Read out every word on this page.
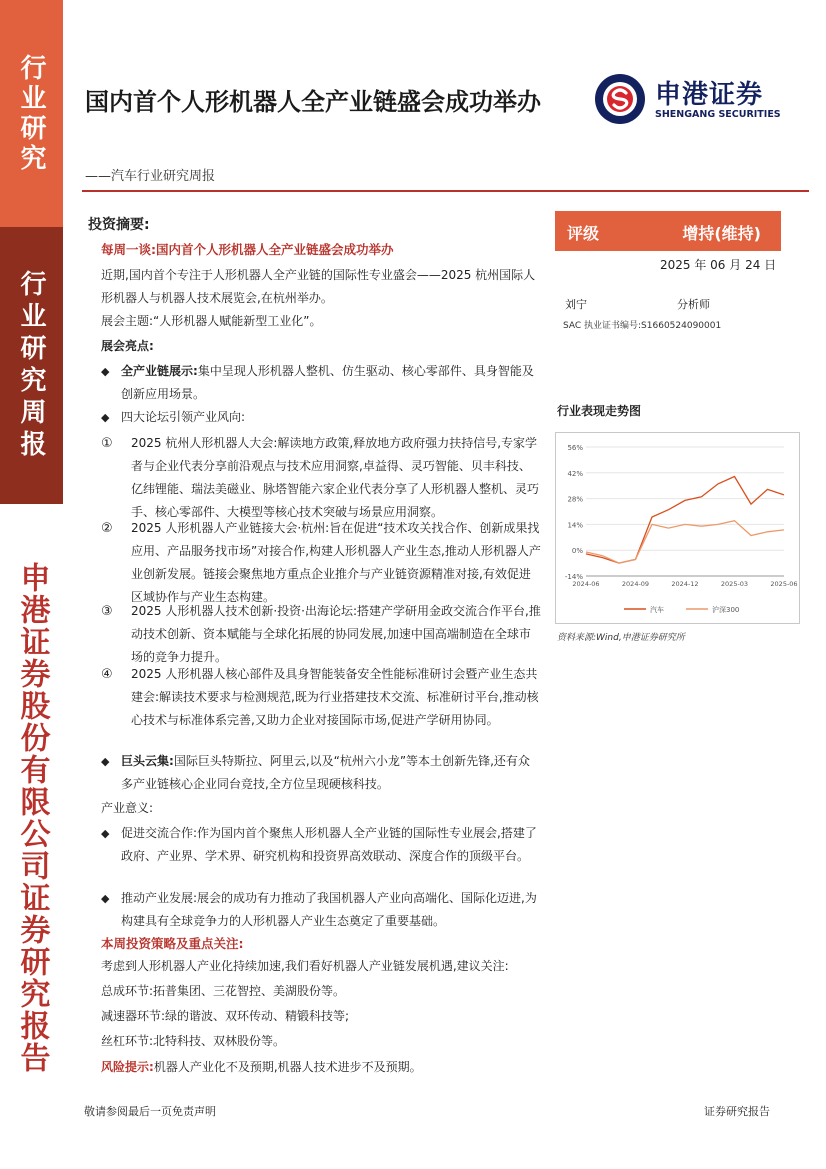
行业研究
行业研究周报
申港证券股份有限公司证券研究报告
国内首个人形机器人全产业链盛会成功举办
——汽车行业研究周报
申港证券
SHENGANG SECURITIES
投资摘要:
每周一谈:国内首个人形机器人全产业链盛会成功举办
近期,国内首个专注于人形机器人全产业链的国际性专业盛会——2025 杭州国际人形机器人与机器人技术展览会,在杭州举办。
展会主题:“人形机器人赋能新型工业化”。
展会亮点:
◆ 全产业链展示:集中呈现人形机器人整机、仿生驱动、核心零部件、具身智能及创新应用场景。
◆ 四大论坛引领产业风向:
① 2025 杭州人形机器人大会:解读地方政策,释放地方政府强力扶持信号,专家学者与企业代表分享前沿观点与技术应用洞察,卓益得、灵巧智能、贝丰科技、亿纬锂能、瑞法美磁业、脉塔智能六家企业代表分享了人形机器人整机、灵巧手、核心零部件、大模型等核心技术突破与场景应用洞察。
② 2025 人形机器人产业链接大会·杭州:旨在促进“技术攻关找合作、创新成果找应用、产品服务找市场”对接合作,构建人形机器人产业生态,推动人形机器人产业创新发展。链接会聚焦地方重点企业推介与产业链资源精准对接,有效促进区域协作与产业生态构建。
③ 2025 人形机器人技术创新·投资·出海论坛:搭建产学研用金政交流合作平台,推动技术创新、资本赋能与全球化拓展的协同发展,加速中国高端制造在全球市场的竞争力提升。
④ 2025 人形机器人核心部件及具身智能装备安全性能标准研讨会暨产业生态共建会:解读技术要求与检测规范,既为行业搭建技术交流、标准研讨平台,推动核心技术与标准体系完善,又助力企业对接国际市场,促进产学研用协同。
◆ 巨头云集:国际巨头特斯拉、阿里云,以及“杭州六小龙”等本土创新先锋,还有众多产业链核心企业同台竞技,全方位呈现硬核科技。
产业意义:
◆ 促进交流合作:作为国内首个聚焦人形机器人全产业链的国际性专业展会,搭建了政府、产业界、学术界、研究机构和投资界高效联动、深度合作的顶级平台。
◆ 推动产业发展:展会的成功有力推动了我国机器人产业向高端化、国际化迈进,为构建具有全球竞争力的人形机器人产业生态奠定了重要基础。
本周投资策略及重点关注:
考虑到人形机器人产业化持续加速,我们看好机器人产业链发展机遇,建议关注:
总成环节:拓普集团、三花智控、美湖股份等。
减速器环节:绿的谐波、双环传动、精锻科技等;
丝杠环节:北特科技、双林股份等。
风险提示:机器人产业化不及预期,机器人技术进步不及预期。
评级	增持(维持)
2025 年 06 月 24 日
刘宁	分析师
SAC 执业证书编号:S1660524090001
行业表现走势图
-14%
0%
14%
28%
42%
56%
2024-06	2024-09	2024-12	2025-03	2025-06
汽车	沪深300
资料来源:Wind,申港证券研究所
敬请参阅最后一页免责声明	证券研究报告
